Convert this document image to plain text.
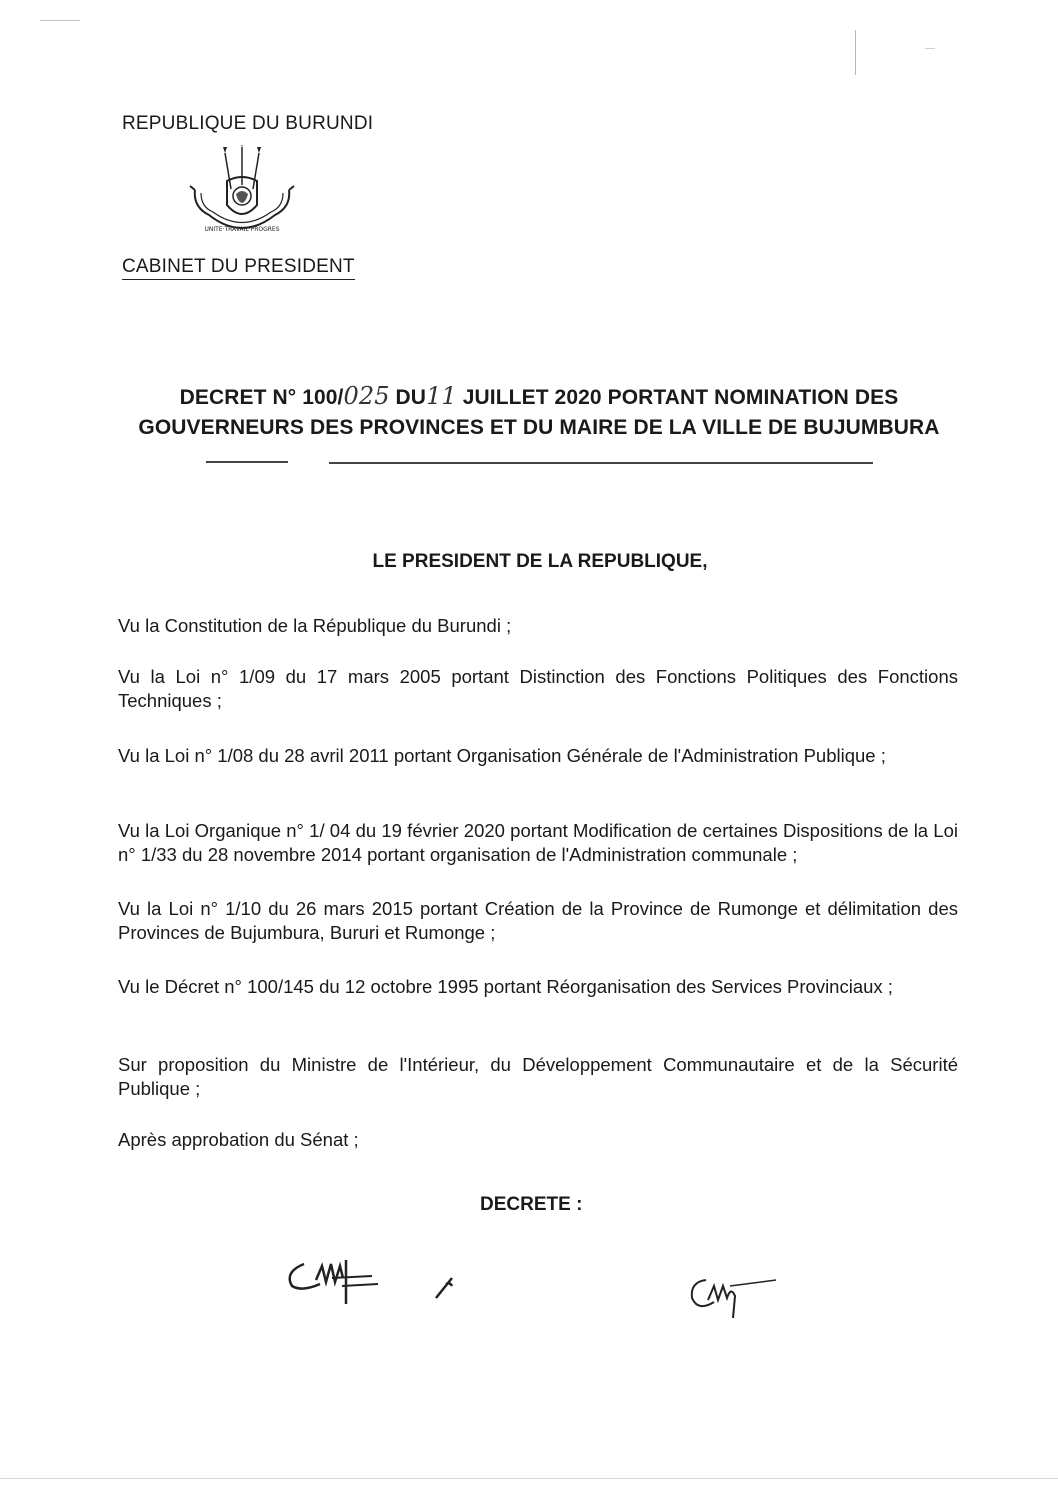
REPUBLIQUE DU BURUNDI
UNITE·TRAVAIL·PROGRES
CABINET DU PRESIDENT
DECRET N° 100/025 DU11 JUILLET 2020 PORTANT NOMINATION DES
GOUVERNEURS DES PROVINCES ET DU MAIRE DE LA VILLE DE BUJUMBURA
LE PRESIDENT DE LA REPUBLIQUE,
Vu la Constitution de la République du Burundi ;
Vu la Loi n° 1/09 du 17 mars 2005 portant Distinction des Fonctions Politiques des Fonctions Techniques ;
Vu la Loi n° 1/08 du 28 avril 2011 portant Organisation Générale de l'Administration Publique ;
Vu la Loi Organique n° 1/ 04 du 19 février 2020 portant Modification de certaines Dispositions de la Loi n° 1/33 du 28 novembre 2014 portant organisation de l'Administration communale ;
Vu la Loi n° 1/10 du 26 mars 2015 portant Création de la Province de Rumonge et délimitation des Provinces de Bujumbura, Bururi et Rumonge ;
Vu le Décret n° 100/145 du 12 octobre 1995 portant Réorganisation des Services Provinciaux ;
Sur proposition du Ministre de l'Intérieur, du Développement Communautaire et de la Sécurité Publique ;
Après approbation du Sénat ;
DECRETE :
